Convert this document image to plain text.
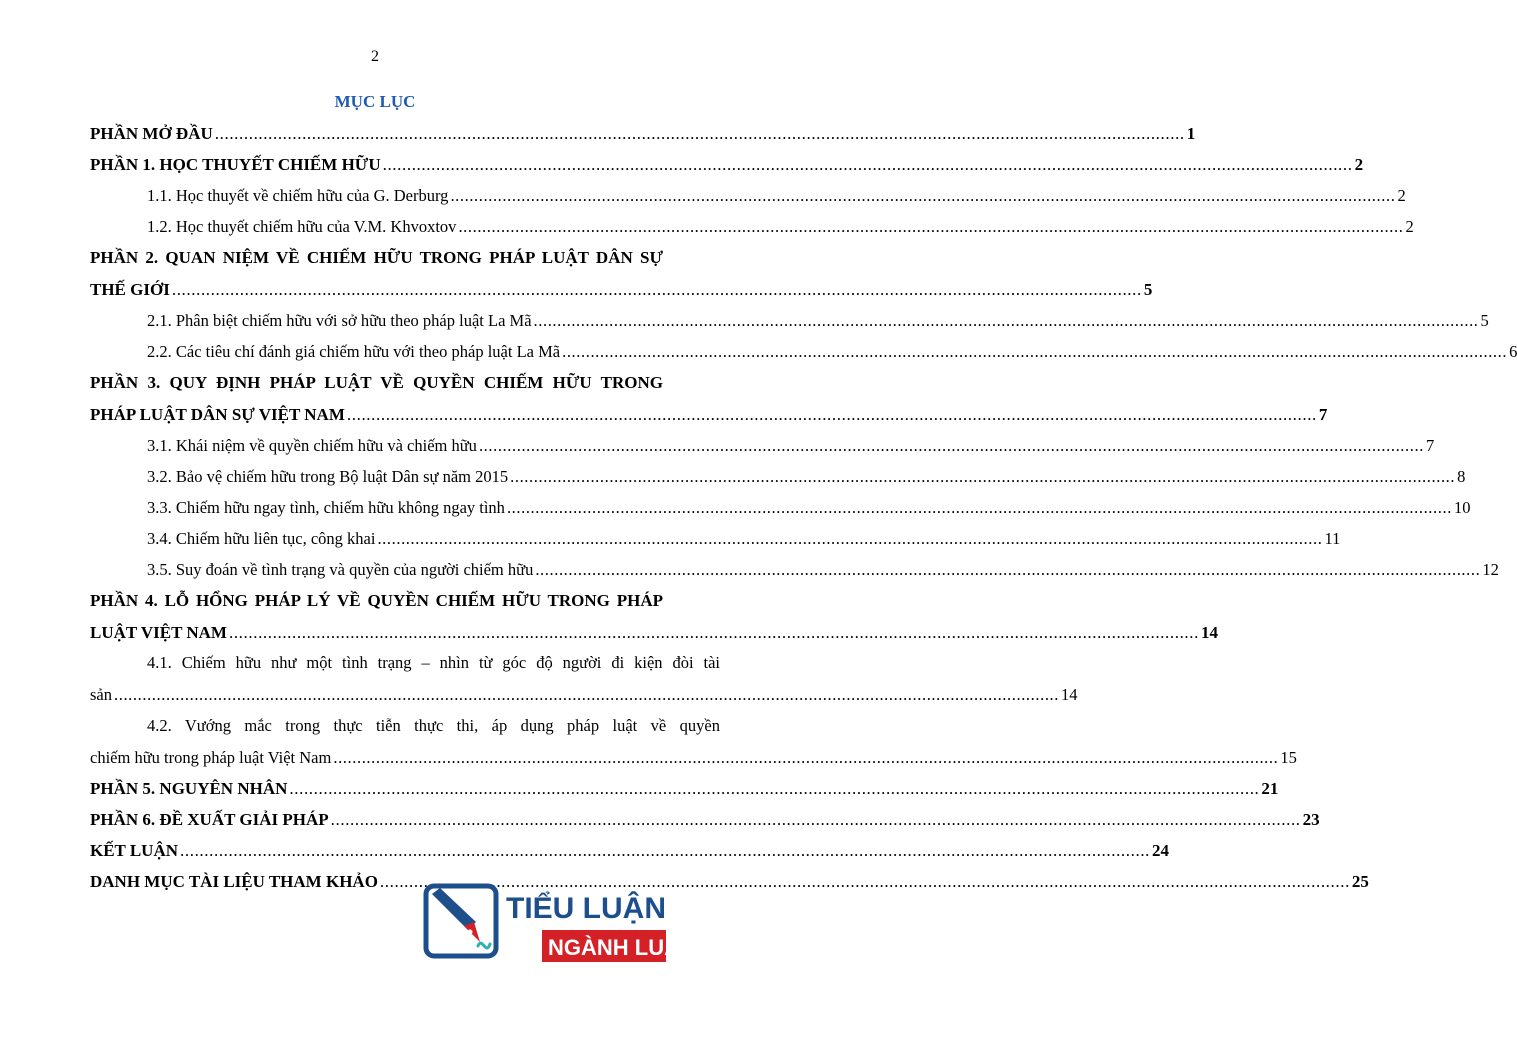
2
MỤC LỤC
PHẦN MỞ ĐẦU ........................................................................................................................................................................................................ 1
PHẦN 1. HỌC THUYẾT CHIẾM HỮU ........................................................................................................................................................................................................ 2
1.1. Học thuyết về chiếm hữu của G. Derburg ........................................................................................................................................................................................................ 2
1.2. Học thuyết chiếm hữu của V.M. Khvoxtov ........................................................................................................................................................................................................ 2
PHẦN 2. QUAN NIỆM VỀ CHIẾM HỮU TRONG PHÁP LUẬT DÂN SỰ
THẾ GIỚI ........................................................................................................................................................................................................ 5
2.1. Phân biệt chiếm hữu với sở hữu theo pháp luật La Mã ........................................................................................................................................................................................................ 5
2.2. Các tiêu chí đánh giá chiếm hữu với theo pháp luật La Mã ........................................................................................................................................................................................................ 6
PHẦN 3. QUY ĐỊNH PHÁP LUẬT VỀ QUYỀN CHIẾM HỮU TRONG
PHÁP LUẬT DÂN SỰ VIỆT NAM ........................................................................................................................................................................................................ 7
3.1. Khái niệm về quyền chiếm hữu và chiếm hữu ........................................................................................................................................................................................................ 7
3.2. Bảo vệ chiếm hữu trong Bộ luật Dân sự năm 2015 ........................................................................................................................................................................................................ 8
3.3. Chiếm hữu ngay tình, chiếm hữu không ngay tình ........................................................................................................................................................................................................ 10
3.4. Chiếm hữu liên tục, công khai ........................................................................................................................................................................................................ 11
3.5. Suy đoán về tình trạng và quyền của người chiếm hữu ........................................................................................................................................................................................................ 12
PHẦN 4. LỖ HỔNG PHÁP LÝ VỀ QUYỀN CHIẾM HỮU TRONG PHÁP
LUẬT VIỆT NAM ........................................................................................................................................................................................................ 14
4.1. Chiếm hữu như một tình trạng – nhìn từ góc độ người đi kiện đòi tài
sản ........................................................................................................................................................................................................ 14
4.2. Vướng mắc trong thực tiễn thực thi, áp dụng pháp luật về quyền
chiếm hữu trong pháp luật Việt Nam ........................................................................................................................................................................................................ 15
PHẦN 5. NGUYÊN NHÂN ........................................................................................................................................................................................................ 21
PHẦN 6. ĐỀ XUẤT GIẢI PHÁP ........................................................................................................................................................................................................ 23
KẾT LUẬN ........................................................................................................................................................................................................ 24
DANH MỤC TÀI LIỆU THAM KHẢO ........................................................................................................................................................................................................ 25
TIỂU LUẬN
NGÀNH LUẬT
